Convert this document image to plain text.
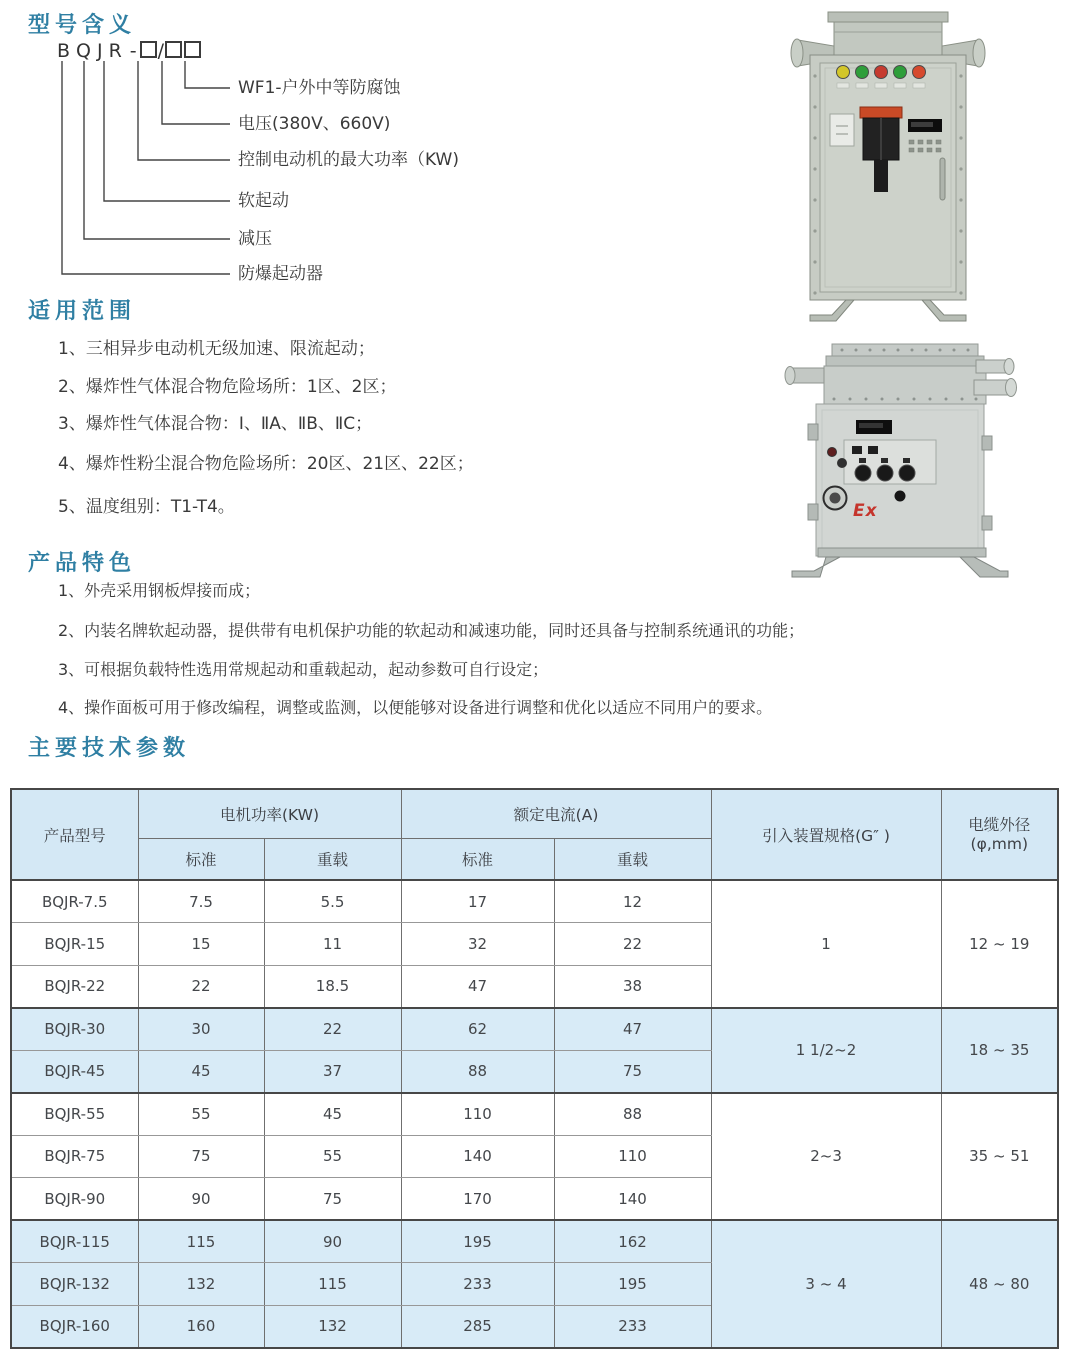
型号含义
BQJR - /
WF1-户外中等防腐蚀
电压(380V、660V)
控制电动机的最大功率（KW)
软起动
减压
防爆起动器
适用范围
1、三相异步电动机无级加速、限流起动；
2、爆炸性气体混合物危险场所：1区、2区；
3、爆炸性气体混合物：Ⅰ、ⅡA、ⅡB、ⅡC；
4、爆炸性粉尘混合物危险场所：20区、21区、22区；
5、温度组别：T1-T4。	Ex
产品特色
1、外壳采用钢板焊接而成；
2、内装名牌软起动器，提供带有电机保护功能的软起动和减速功能，同时还具备与控制系统通讯的功能；
3、可根据负载特性选用常规起动和重载起动，起动参数可自行设定；
4、操作面板可用于修改编程，调整或监测，以便能够对设备进行调整和优化以适应不同用户的要求。
主要技术参数
产品型号	电机功率(KW)		额定电流(A)		引入装置规格(G″ )	电缆外径
(φ,mm)

	标准	重载	标准	重载		
BQJR-7.5	7.5	5.5	17	12	1	12 ~ 19
BQJR-15	15	11	32	22		
BQJR-22	22	18.5	47	38		
BQJR-30	30	22	62	47	1 1/2~2	18 ~ 35
BQJR-45	45	37	88	75		
BQJR-55	55	45	110	88	2~3	35 ~ 51
BQJR-75	75	55	140	110		
BQJR-90	90	75	170	140		
BQJR-115	115	90	195	162	3 ~ 4	48 ~ 80
BQJR-132	132	115	233	195		
BQJR-160	160	132	285	233		
